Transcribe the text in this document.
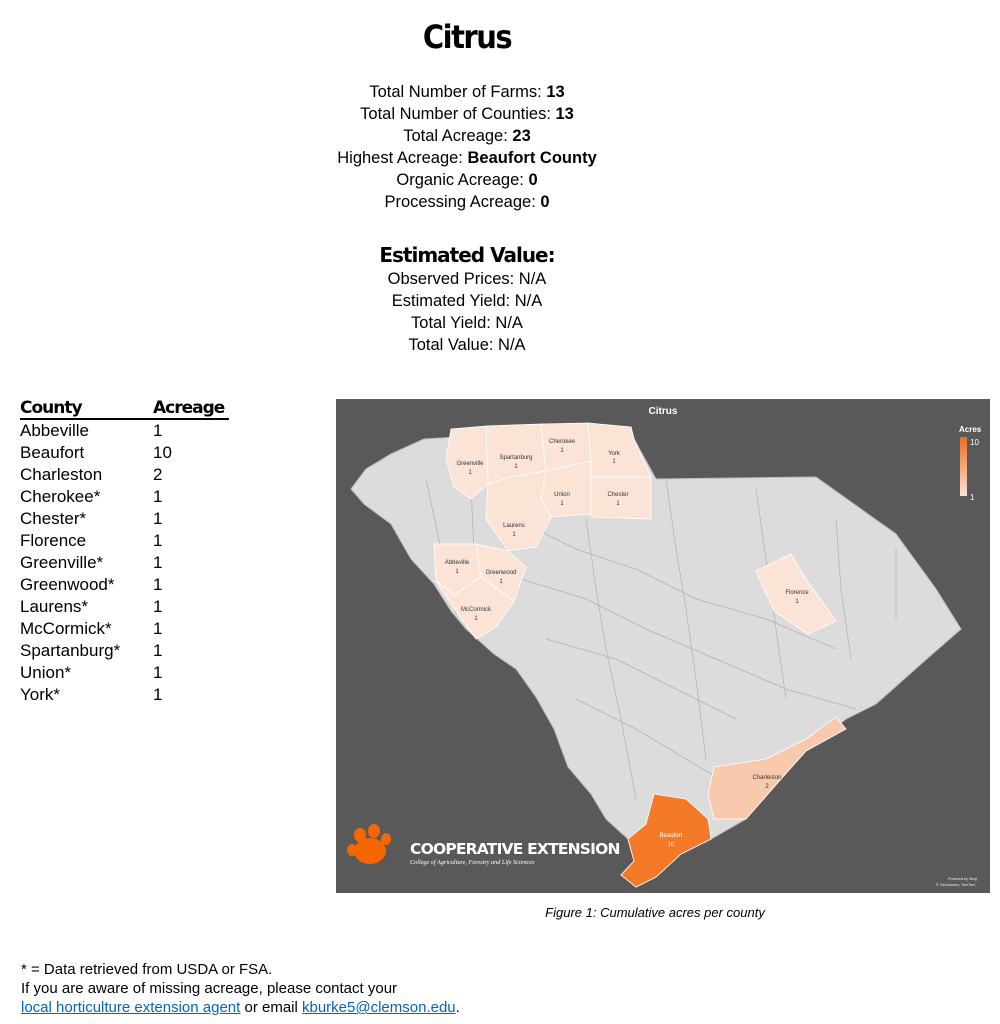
Citrus
Total Number of Farms: 13
Total Number of Counties: 13
Total Acreage: 23
Highest Acreage: Beaufort County
Organic Acreage: 0
Processing Acreage: 0
Estimated Value:
Observed Prices: N/A
Estimated Yield: N/A
Total Yield: N/A
Total Value: N/A
County	Acreage
Abbeville	1
Beaufort	10
Charleston	2
Cherokee*	1
Chester*	1
Florence	1
Greenville*	1
Greenwood*	1
Laurens*	1
McCormick*	1
Spartanburg*	1
Union*	1
York*	1
Spartanburg
1
Cherokee
1	York
1
Greenville
1
Union
1
Chester
1
Laurens
1
Abbeville
1	Greenwood
1
McCormick
1
Florence
1
Charleston
2
Beaufort
10
Citrus
Acres
10
1
COOPERATIVE EXTENSION
College of Agriculture, Forestry and Life Sciences
Powered by Bing
© GeoNames, TomTom
Figure 1: Cumulative acres per county
* = Data retrieved from USDA or FSA.
If you are aware of missing acreage, please contact your
local horticulture extension agent or email kburke5@clemson.edu.
